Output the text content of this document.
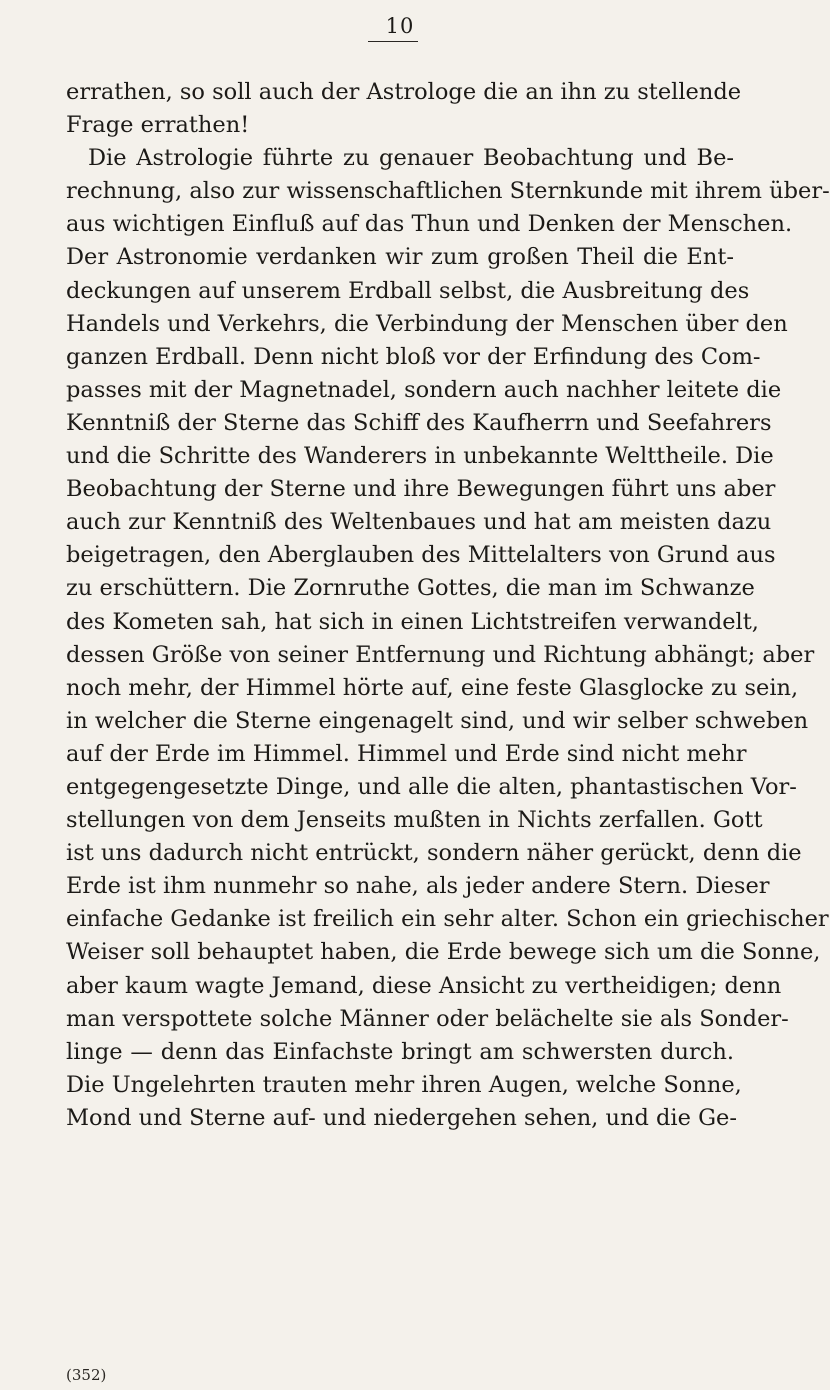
10
errathen, so soll auch der Astrologe die an ihn zu stellende
Frage errathen!
Die Astrologie führte zu genauer Beobachtung und Be-
rechnung, also zur wissenschaftlichen Sternkunde mit ihrem über-
aus wichtigen Einfluß auf das Thun und Denken der Menschen.
Der Astronomie verdanken wir zum großen Theil die Ent-
deckungen auf unserem Erdball selbst, die Ausbreitung des
Handels und Verkehrs, die Verbindung der Menschen über den
ganzen Erdball. Denn nicht bloß vor der Erfindung des Com-
passes mit der Magnetnadel, sondern auch nachher leitete die
Kenntniß der Sterne das Schiff des Kaufherrn und Seefahrers
und die Schritte des Wanderers in unbekannte Welttheile. Die
Beobachtung der Sterne und ihre Bewegungen führt uns aber
auch zur Kenntniß des Weltenbaues und hat am meisten dazu
beigetragen, den Aberglauben des Mittelalters von Grund aus
zu erschüttern. Die Zornruthe Gottes, die man im Schwanze
des Kometen sah, hat sich in einen Lichtstreifen verwandelt,
dessen Größe von seiner Entfernung und Richtung abhängt; aber
noch mehr, der Himmel hörte auf, eine feste Glasglocke zu sein,
in welcher die Sterne eingenagelt sind, und wir selber schweben
auf der Erde im Himmel. Himmel und Erde sind nicht mehr
entgegengesetzte Dinge, und alle die alten, phantastischen Vor-
stellungen von dem Jenseits mußten in Nichts zerfallen. Gott
ist uns dadurch nicht entrückt, sondern näher gerückt, denn die
Erde ist ihm nunmehr so nahe, als jeder andere Stern. Dieser
einfache Gedanke ist freilich ein sehr alter. Schon ein griechischer
Weiser soll behauptet haben, die Erde bewege sich um die Sonne,
aber kaum wagte Jemand, diese Ansicht zu vertheidigen; denn
man verspottete solche Männer oder belächelte sie als Sonder-
linge — denn das Einfachste bringt am schwersten durch.
Die Ungelehrten trauten mehr ihren Augen, welche Sonne,
Mond und Sterne auf- und niedergehen sehen, und die Ge-
(352)
